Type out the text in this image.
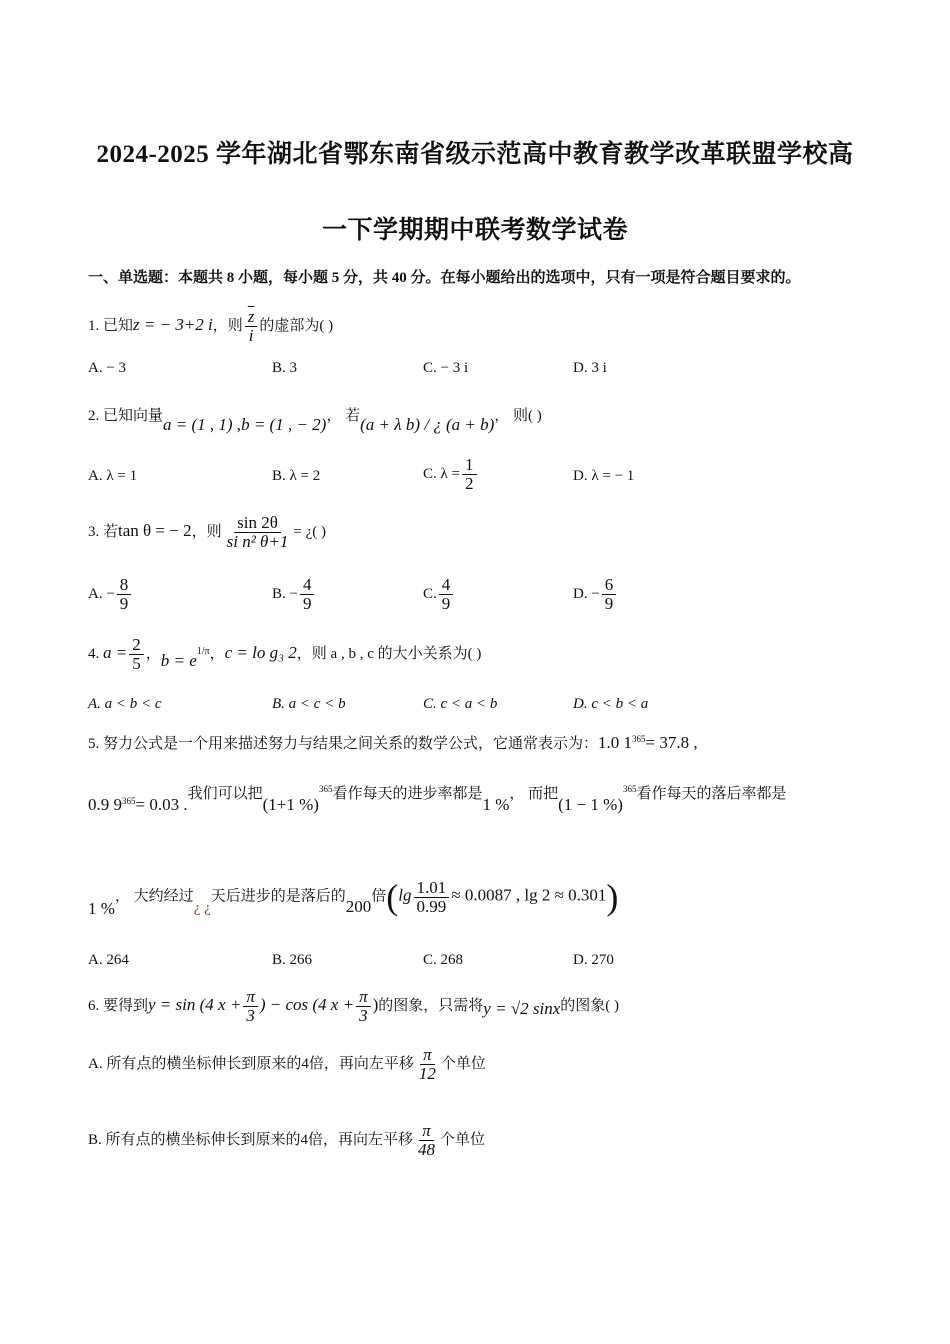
2024-2025 学年湖北省鄂东南省级示范高中教育教学改革联盟学校高
一下学期期中联考数学试卷
一、单选题：本题共 8 小题，每小题 5 分，共 40 分。在每小题给出的选项中，只有一项是符合题目要求的。
1. 已知z = − 3+2 i，则 $\frac{\overline{z}}{i}$ 的虚部为( )
A. − 3	B. 3	C. − 3 i	D. 3 i
2. 已知向量a = (1 , 1) ,b = (1 , − 2)， 若(a + λ b) / ¿ (a + b)， 则( )
A. λ = 1	B. λ = 2	C. $\lambda = \frac{1}{2}$	D. λ = − 1
3. 若tan θ = − 2，则 $\frac{\sin 2\theta}{\text{si n² θ+1}}$ = ¿( )
A. − $\frac{8}{9}$	B. − $\frac{4}{9}$	C. $\frac{4}{9}$	D. − $\frac{6}{9}$
4. $a = \frac{2}{5}$ ，$b = e^{1/\pi}$，c = lo g₃ 2，则 a , b , c 的大小关系为( )
A. a < b < c	B. a < c < b	C. c < a < b	D. c < b < a
5. 努力公式是一个用来描述努力与结果之间关系的数学公式，它通常表示为：1.0 $1^{365}= 37.8$ ,
0.9 $9^{365}= 0.03$ .我们可以把(1+1 %)$^{365}$看作每天的进步率都是1 %， 而把(1 − 1 %)$^{365}$看作每天的落后率都是
1 %， 大约经过¿ ¿天后进步的是落后的200倍($\lg \frac{1.01}{0.99} \approx 0.0087$ , lg 2 ≈ 0.301)
A. 264	B. 266	C. 268	D. 270
6. 要得到y = sin (4 $x + \frac{\pi}{3}$ ) − cos (4 $x + \frac{\pi}{3}$ )的图象，只需将y = √2 sinx的图象( )
A. 所有点的横坐标伸长到原来的4倍，再向左平移 $\frac{\pi}{12}$ 个单位
B. 所有点的横坐标伸长到原来的4倍，再向左平移 $\frac{\pi}{48}$ 个单位
